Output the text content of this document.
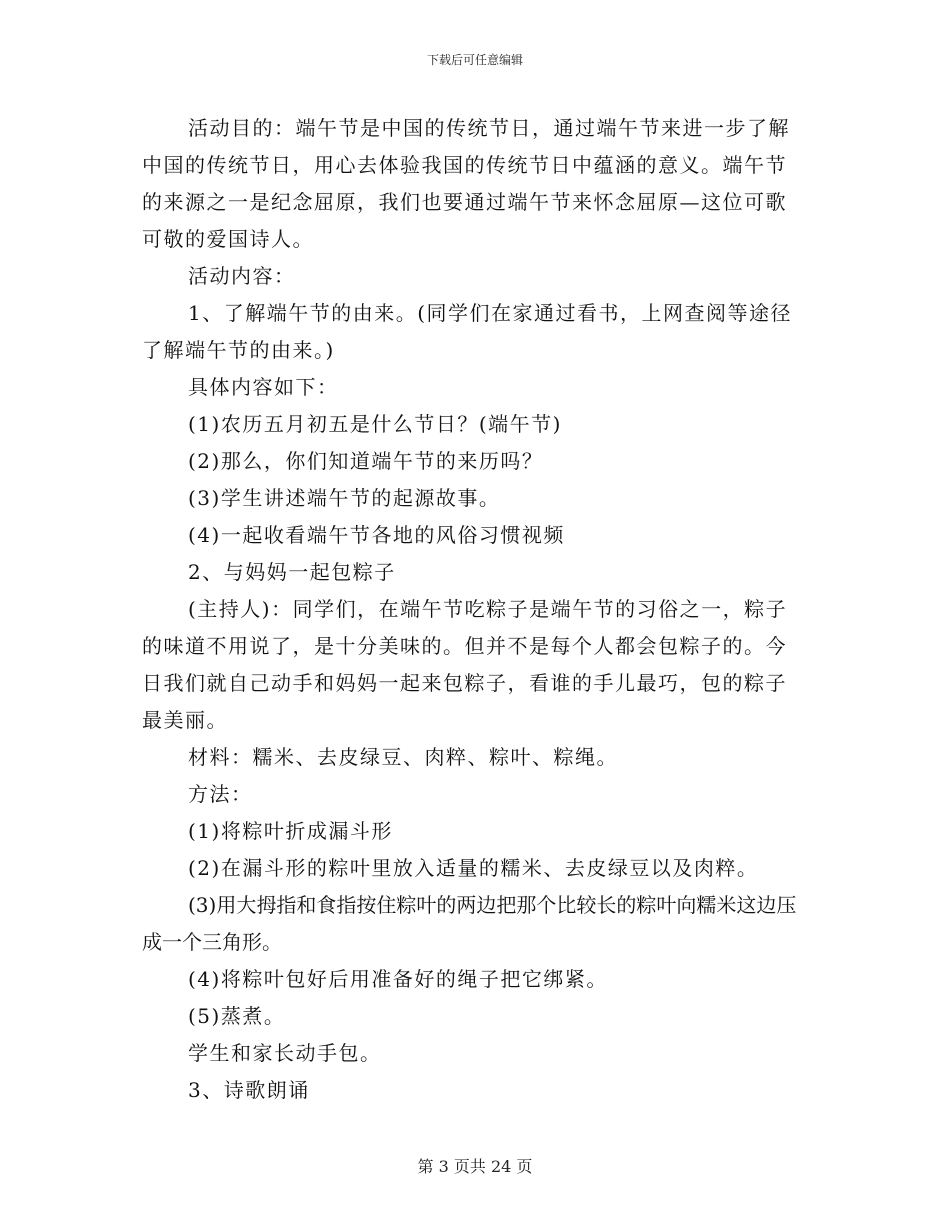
下载后可任意编辑

活动目的：端午节是中国的传统节日，通过端午节来进一步了解中国的传统节日，用心去体验我国的传统节日中蕴涵的意义。端午节的来源之一是纪念屈原，我们也要通过端午节来怀念屈原—这位可歌可敬的爱国诗人。

活动内容：

1、了解端午节的由来。(同学们在家通过看书，上网查阅等途径了解端午节的由来。)

具体内容如下：

(1)农历五月初五是什么节日？(端午节)

(2)那么，你们知道端午节的来历吗？

(3)学生讲述端午节的起源故事。

(4)一起收看端午节各地的风俗习惯视频

2、与妈妈一起包粽子

(主持人)：同学们，在端午节吃粽子是端午节的习俗之一，粽子的味道不用说了，是十分美味的。但并不是每个人都会包粽子的。今日我们就自己动手和妈妈一起来包粽子，看谁的手儿最巧，包的粽子最美丽。

材料：糯米、去皮绿豆、肉粹、粽叶、粽绳。

方法：

(1)将粽叶折成漏斗形

(2)在漏斗形的粽叶里放入适量的糯米、去皮绿豆以及肉粹。

(3)用大拇指和食指按住粽叶的两边把那个比较长的粽叶向糯米这边压成一个三角形。

(4)将粽叶包好后用准备好的绳子把它绑紧。

(5)蒸煮。

学生和家长动手包。

3、诗歌朗诵

第 3 页共 24 页
